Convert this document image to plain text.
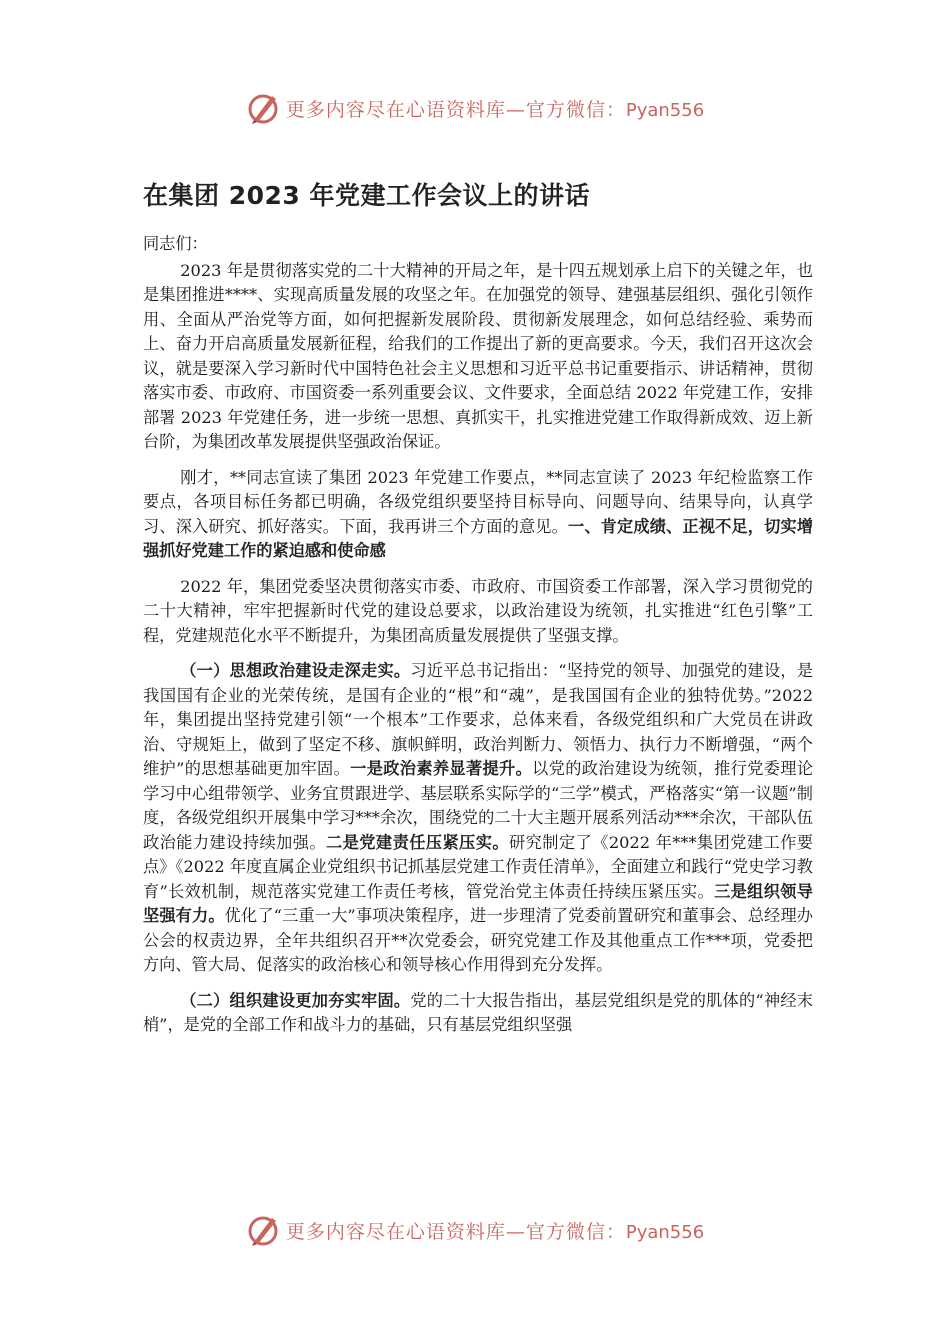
更多内容尽在心语资料库—官方微信：Pyan556
在集团 2023 年党建工作会议上的讲话

同志们：

2023 年是贯彻落实党的二十大精神的开局之年，是十四五规划承上启下的关键之年，也是集团推进****、实现高质量发展的攻坚之年。在加强党的领导、建强基层组织、强化引领作用、全面从严治党等方面，如何把握新发展阶段、贯彻新发展理念，如何总结经验、乘势而上、奋力开启高质量发展新征程，给我们的工作提出了新的更高要求。今天，我们召开这次会议，就是要深入学习新时代中国特色社会主义思想和习近平总书记重要指示、讲话精神，贯彻落实市委、市政府、市国资委一系列重要会议、文件要求，全面总结 2022 年党建工作，安排部署 2023 年党建任务，进一步统一思想、真抓实干，扎实推进党建工作取得新成效、迈上新台阶，为集团改革发展提供坚强政治保证。

刚才，**同志宣读了集团 2023 年党建工作要点，**同志宣读了 2023 年纪检监察工作要点，各项目标任务都已明确，各级党组织要坚持目标导向、问题导向、结果导向，认真学习、深入研究、抓好落实。下面，我再讲三个方面的意见。一、肯定成绩、正视不足，切实增强抓好党建工作的紧迫感和使命感

2022 年，集团党委坚决贯彻落实市委、市政府、市国资委工作部署，深入学习贯彻党的二十大精神，牢牢把握新时代党的建设总要求，以政治建设为统领，扎实推进“红色引擎”工程，党建规范化水平不断提升，为集团高质量发展提供了坚强支撑。

（一）思想政治建设走深走实。习近平总书记指出：“坚持党的领导、加强党的建设，是我国国有企业的光荣传统，是国有企业的“根”和“魂”，是我国国有企业的独特优势。”2022 年，集团提出坚持党建引领“一个根本”工作要求，总体来看，各级党组织和广大党员在讲政治、守规矩上，做到了坚定不移、旗帜鲜明，政治判断力、领悟力、执行力不断增强，“两个维护”的思想基础更加牢固。一是政治素养显著提升。以党的政治建设为统领，推行党委理论学习中心组带领学、业务宜贯跟进学、基层联系实际学的“三学”模式，严格落实“第一议题”制度，各级党组织开展集中学习***余次，围绕党的二十大主题开展系列活动***余次，干部队伍政治能力建设持续加强。二是党建责任压紧压实。研究制定了《2022 年***集团党建工作要点》《2022 年度直属企业党组织书记抓基层党建工作责任清单》，全面建立和践行“党史学习教育”长效机制，规范落实党建工作责任考核，管党治党主体责任持续压紧压实。三是组织领导坚强有力。优化了“三重一大”事项决策程序，进一步理清了党委前置研究和董事会、总经理办公会的权责边界，全年共组织召开**次党委会，研究党建工作及其他重点工作***项，党委把方向、管大局、促落实的政治核心和领导核心作用得到充分发挥。

（二）组织建设更加夯实牢固。党的二十大报告指出，基层党组织是党的肌体的“神经末梢”，是党的全部工作和战斗力的基础，只有基层党组织坚强

更多内容尽在心语资料库—官方微信：Pyan556
